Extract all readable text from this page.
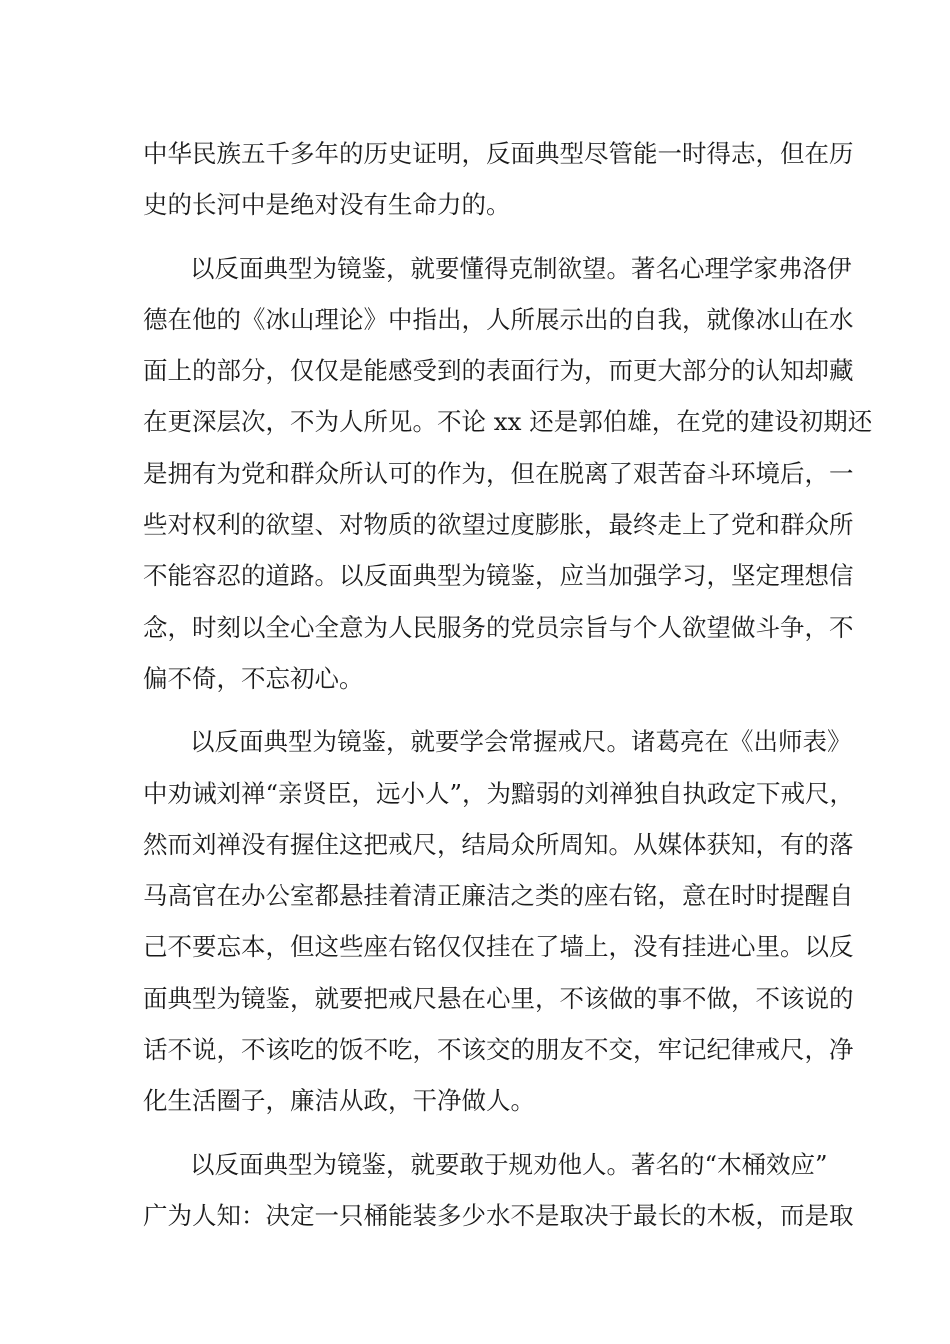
中华民族五千多年的历史证明，反面典型尽管能一时得志，但在历
史的长河中是绝对没有生命力的。
以反面典型为镜鉴，就要懂得克制欲望。著名心理学家弗洛伊
德在他的《冰山理论》中指出，人所展示出的自我，就像冰山在水
面上的部分，仅仅是能感受到的表面行为，而更大部分的认知却藏
在更深层次，不为人所见。不论 xx 还是郭伯雄，在党的建设初期还
是拥有为党和群众所认可的作为，但在脱离了艰苦奋斗环境后，一
些对权利的欲望、对物质的欲望过度膨胀，最终走上了党和群众所
不能容忍的道路。以反面典型为镜鉴，应当加强学习，坚定理想信
念，时刻以全心全意为人民服务的党员宗旨与个人欲望做斗争，不
偏不倚，不忘初心。
以反面典型为镜鉴，就要学会常握戒尺。诸葛亮在《出师表》
中劝诫刘禅“亲贤臣，远小人”，为黯弱的刘禅独自执政定下戒尺，
然而刘禅没有握住这把戒尺，结局众所周知。从媒体获知，有的落
马高官在办公室都悬挂着清正廉洁之类的座右铭，意在时时提醒自
己不要忘本，但这些座右铭仅仅挂在了墙上，没有挂进心里。以反
面典型为镜鉴，就要把戒尺悬在心里，不该做的事不做，不该说的
话不说，不该吃的饭不吃，不该交的朋友不交，牢记纪律戒尺，净
化生活圈子，廉洁从政，干净做人。
以反面典型为镜鉴，就要敢于规劝他人。著名的“木桶效应”
广为人知：决定一只桶能装多少水不是取决于最长的木板，而是取
